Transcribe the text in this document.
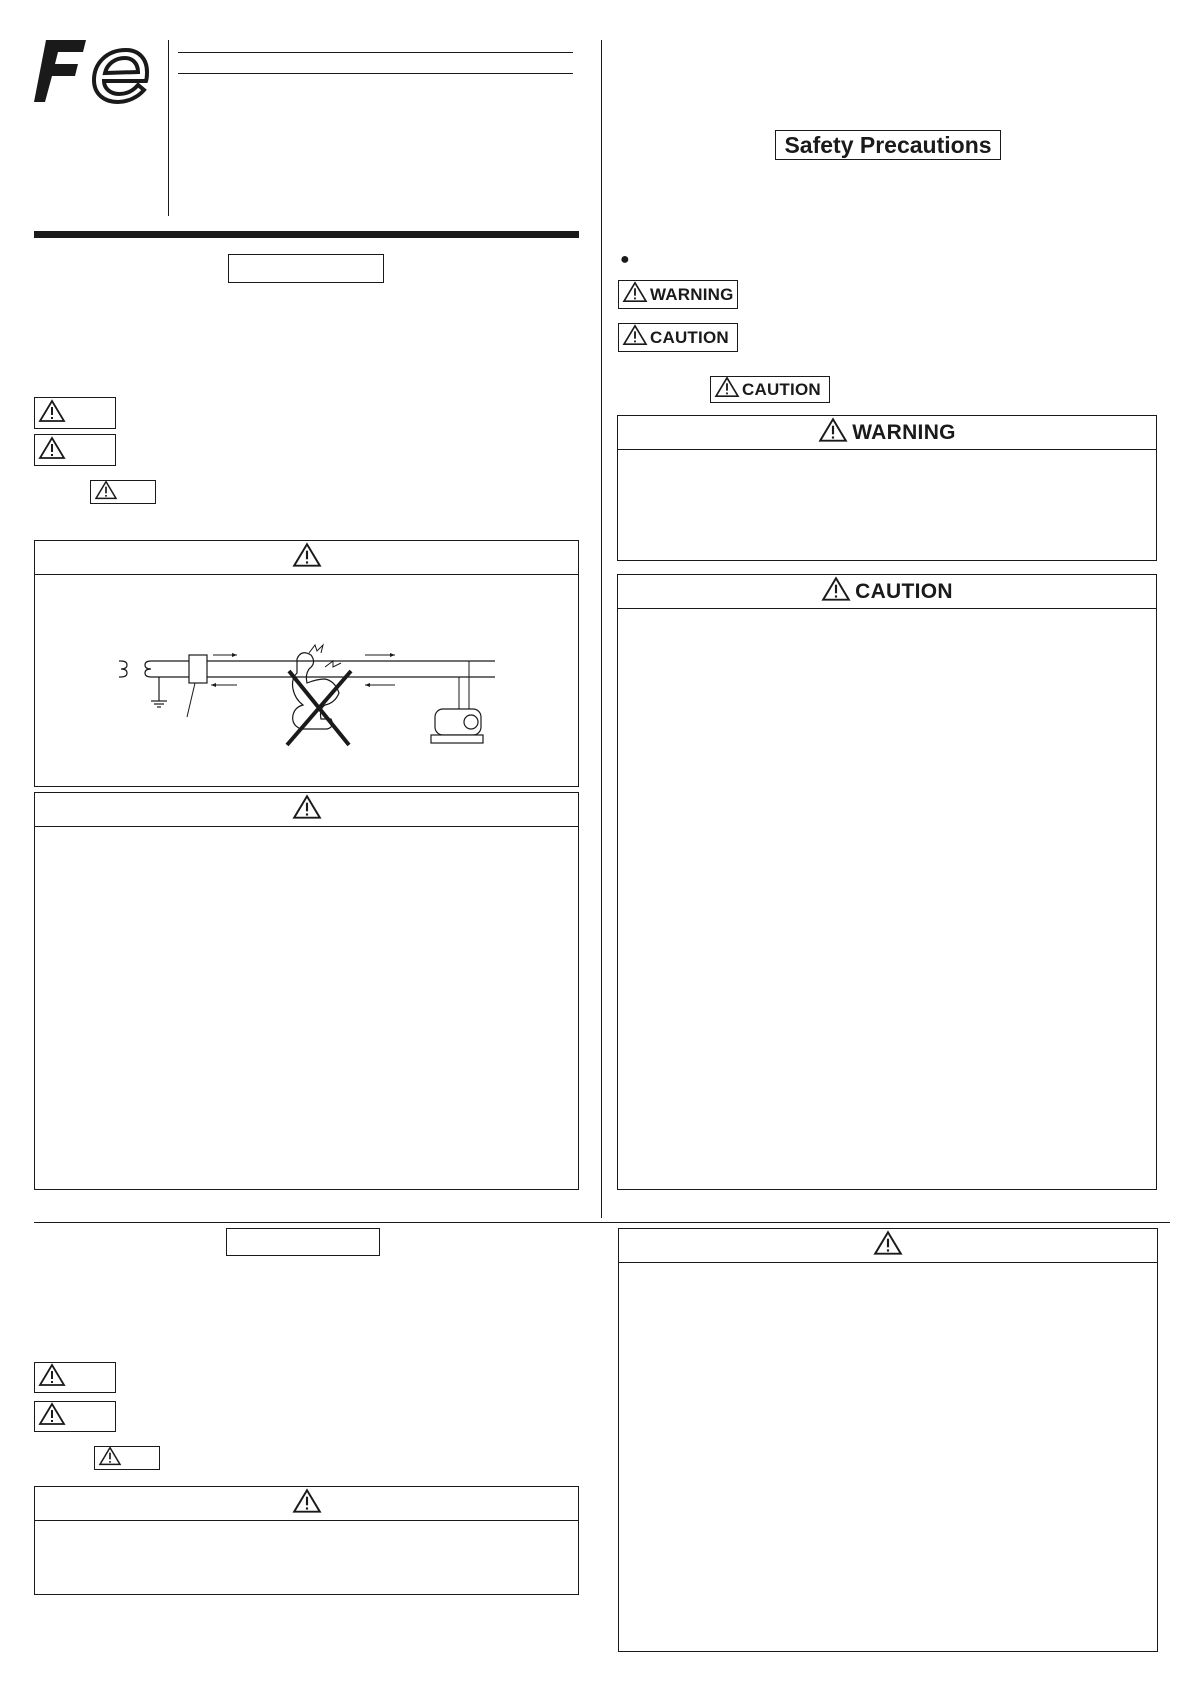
Safety Precautions
●
WARNING
CAUTION
CAUTION
WARNING
CAUTION
